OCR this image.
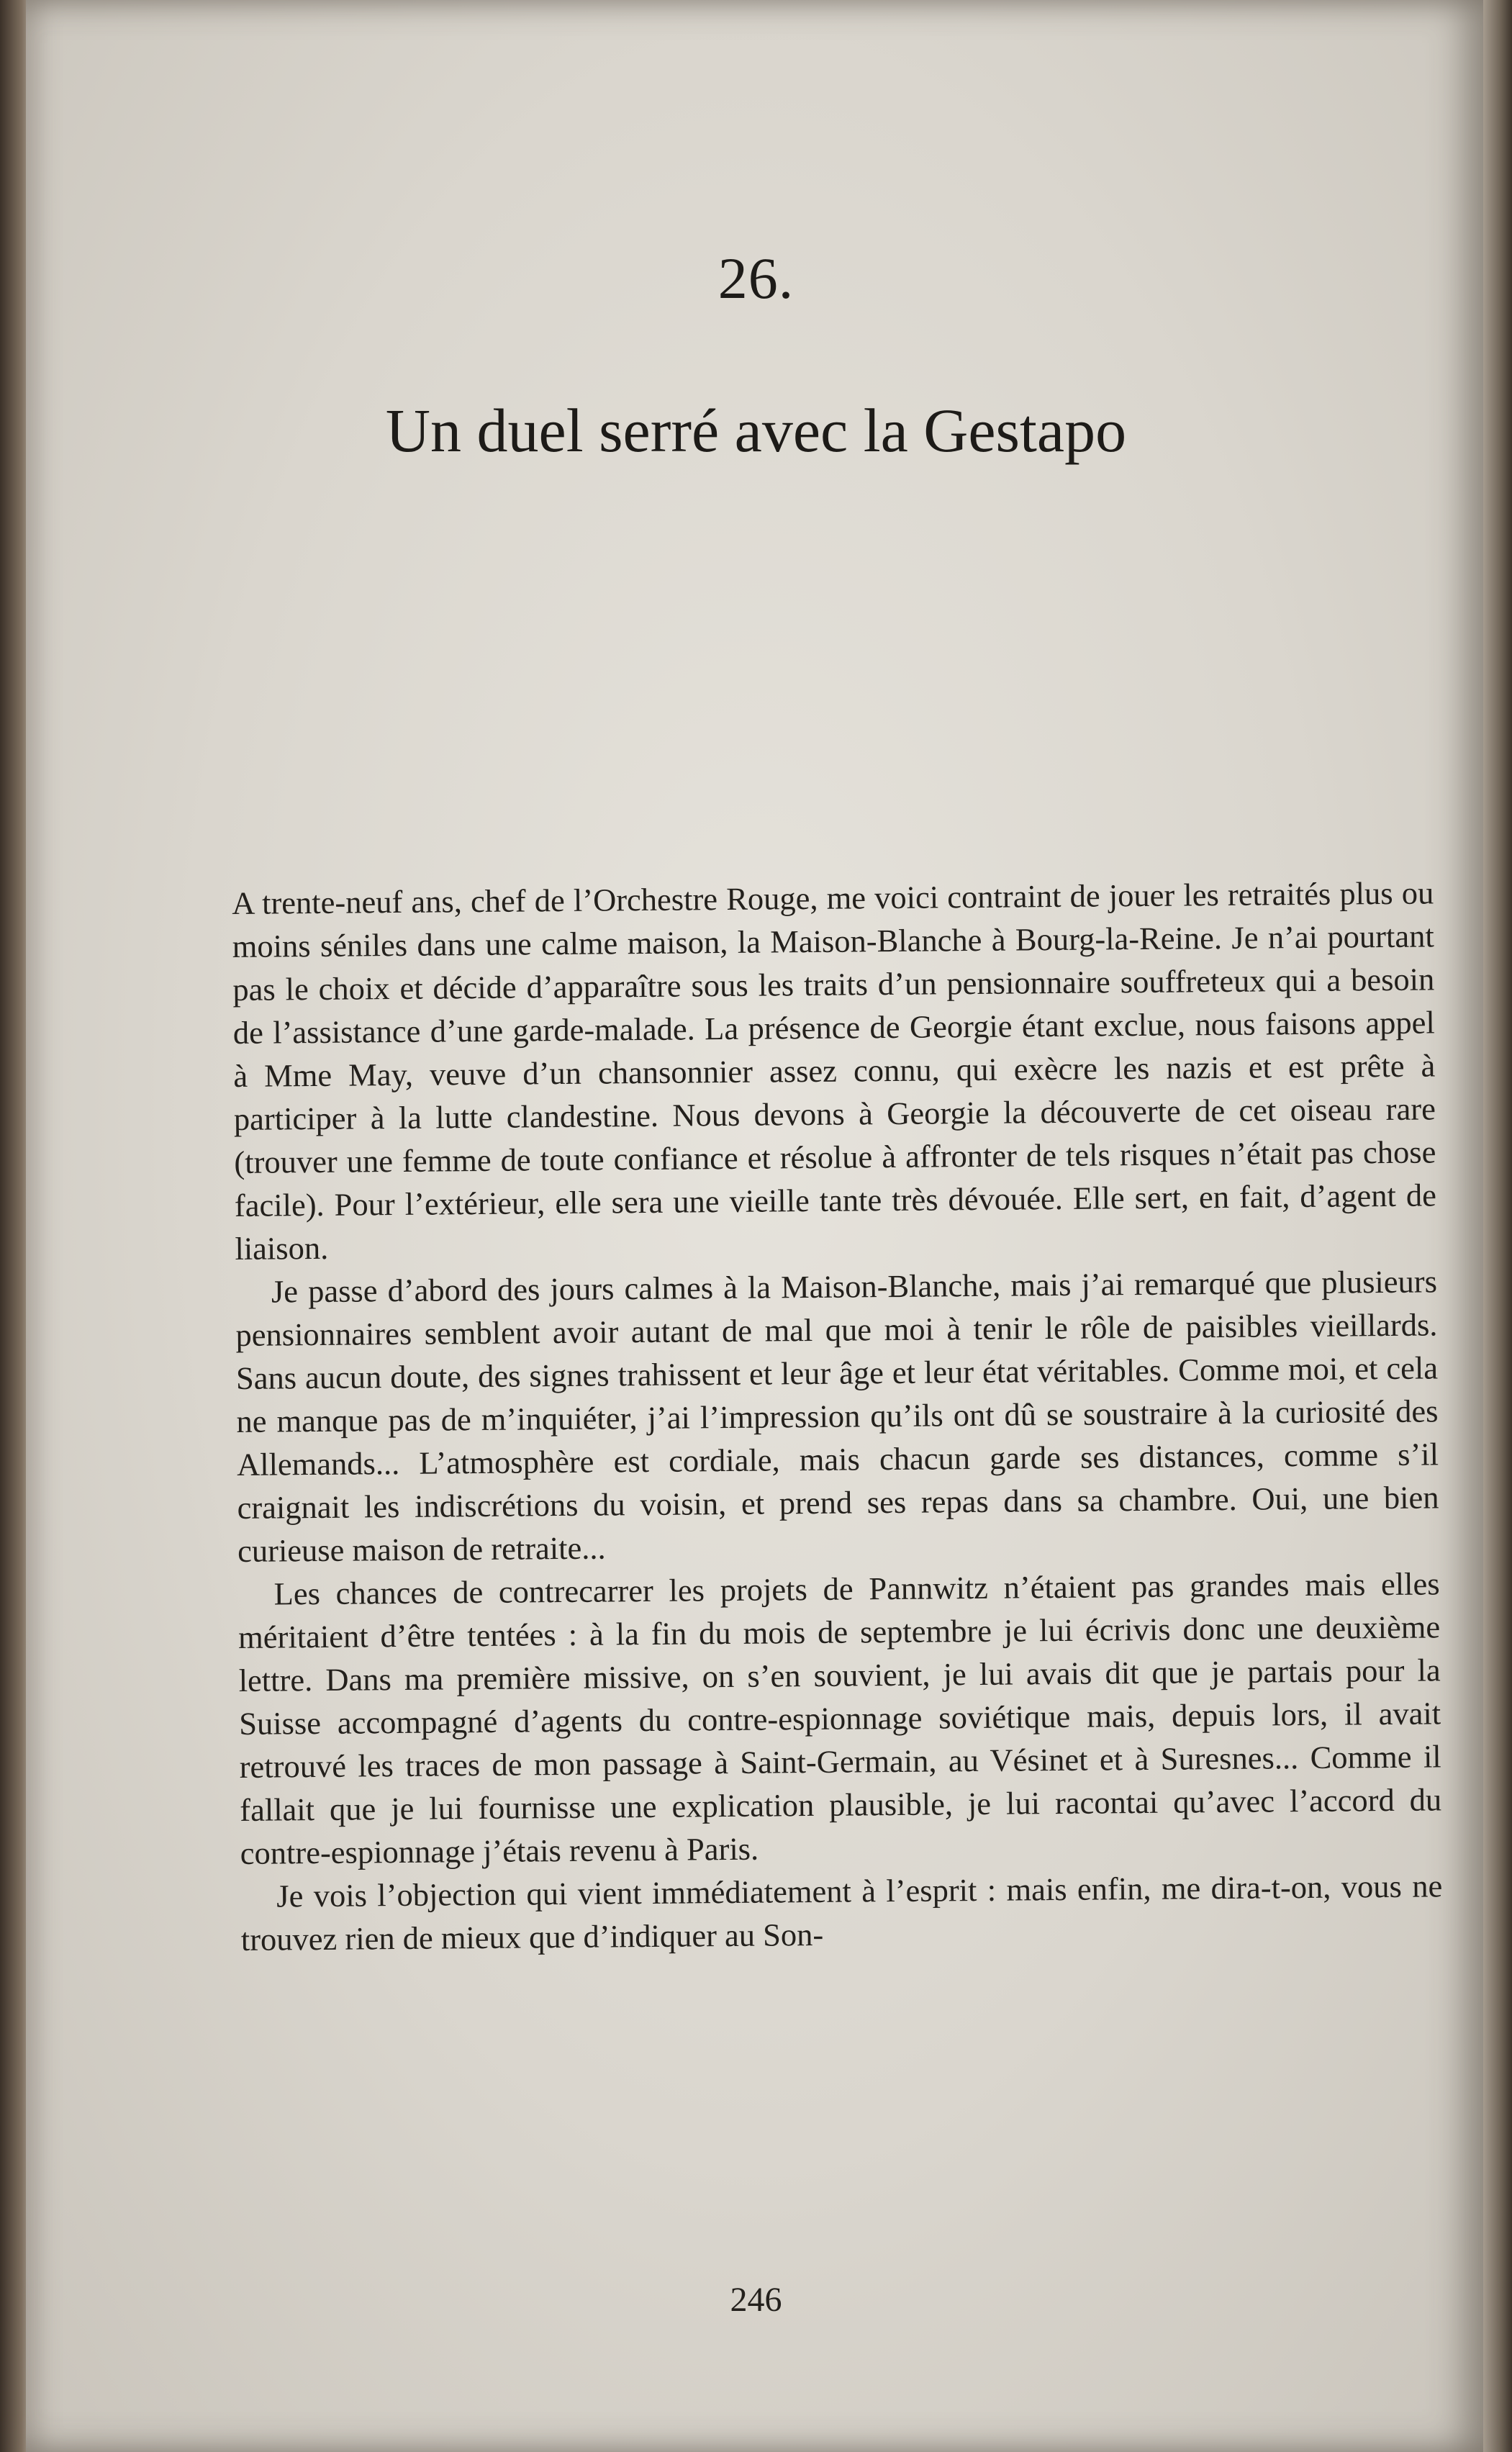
26.
Un duel serré avec la Gestapo

A trente-neuf ans, chef de l’Orchestre Rouge, me voici contraint de jouer les retraités plus ou moins séniles dans une calme maison, la Maison-Blanche à Bourg-la-Reine. Je n’ai pourtant pas le choix et décide d’apparaître sous les traits d’un pensionnaire souffreteux qui a besoin de l’assistance d’une garde-malade. La présence de Georgie étant exclue, nous faisons appel à Mme May, veuve d’un chansonnier assez connu, qui exècre les nazis et est prête à participer à la lutte clandestine. Nous devons à Georgie la découverte de cet oiseau rare (trouver une femme de toute confiance et résolue à affronter de tels risques n’était pas chose facile). Pour l’extérieur, elle sera une vieille tante très dévouée. Elle sert, en fait, d’agent de liaison.

Je passe d’abord des jours calmes à la Maison-Blanche, mais j’ai remarqué que plusieurs pensionnaires semblent avoir autant de mal que moi à tenir le rôle de paisibles vieillards. Sans aucun doute, des signes trahissent et leur âge et leur état véritables. Comme moi, et cela ne manque pas de m’inquiéter, j’ai l’impression qu’ils ont dû se soustraire à la curiosité des Allemands... L’atmosphère est cordiale, mais chacun garde ses distances, comme s’il craignait les indiscrétions du voisin, et prend ses repas dans sa chambre. Oui, une bien curieuse maison de retraite...

Les chances de contrecarrer les projets de Pannwitz n’étaient pas grandes mais elles méritaient d’être tentées : à la fin du mois de septembre je lui écrivis donc une deuxième lettre. Dans ma première missive, on s’en souvient, je lui avais dit que je partais pour la Suisse accompagné d’agents du contre-espionnage soviétique mais, depuis lors, il avait retrouvé les traces de mon passage à Saint-Germain, au Vésinet et à Suresnes... Comme il fallait que je lui fournisse une explication plausible, je lui racontai qu’avec l’accord du contre-espionnage j’étais revenu à Paris.

Je vois l’objection qui vient immédiatement à l’esprit : mais enfin, me dira-t-on, vous ne trouvez rien de mieux que d’indiquer au Son-

246
